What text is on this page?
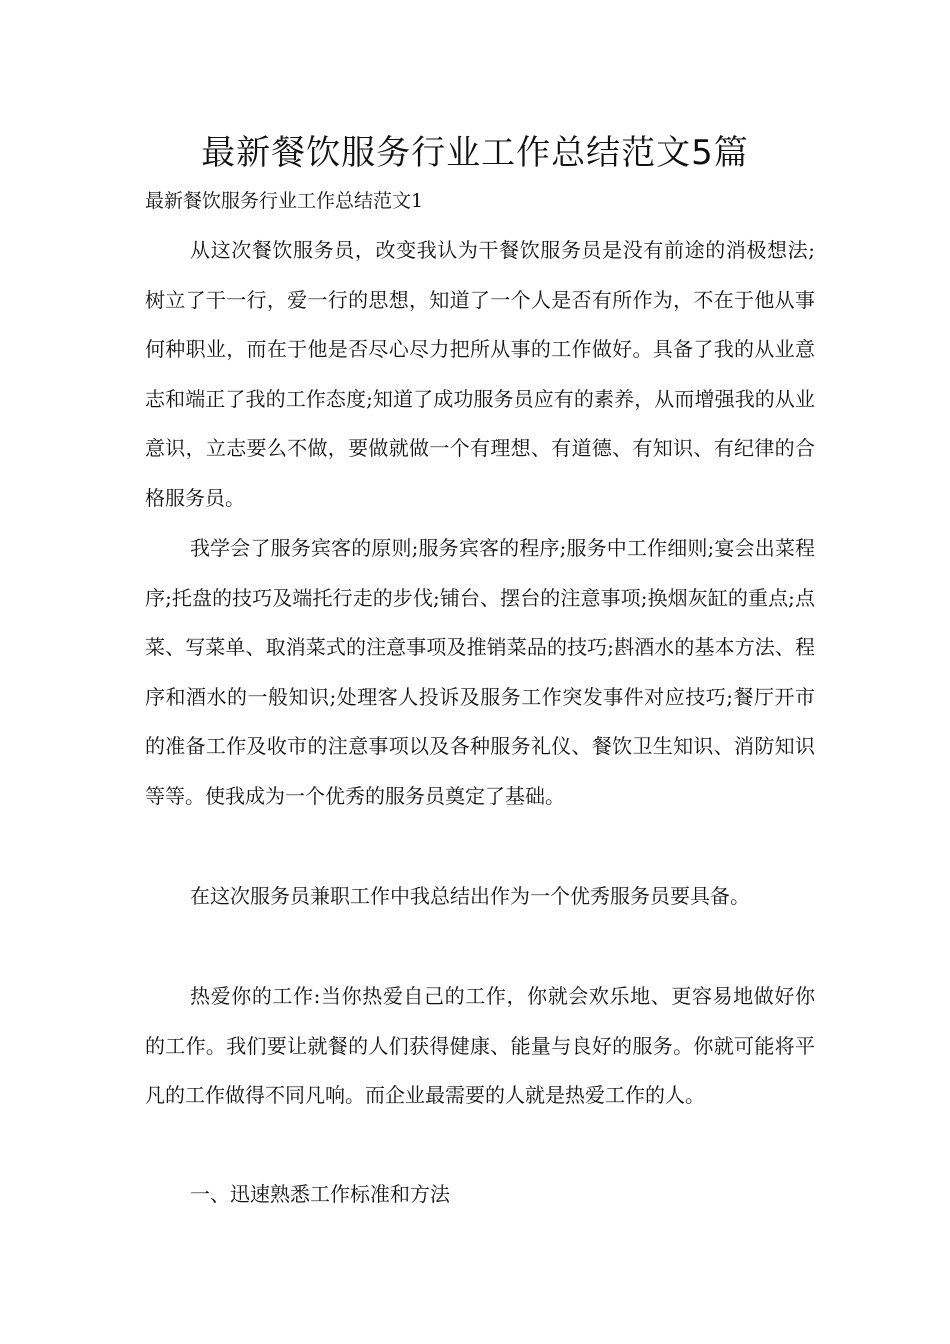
最新餐饮服务行业工作总结范文5篇

最新餐饮服务行业工作总结范文1

从这次餐饮服务员，改变我认为干餐饮服务员是没有前途的消极想法;树立了干一行，爱一行的思想，知道了一个人是否有所作为，不在于他从事何种职业，而在于他是否尽心尽力把所从事的工作做好。具备了我的从业意志和端正了我的工作态度;知道了成功服务员应有的素养，从而增强我的从业意识，立志要么不做，要做就做一个有理想、有道德、有知识、有纪律的合格服务员。

我学会了服务宾客的原则;服务宾客的程序;服务中工作细则;宴会出菜程序;托盘的技巧及端托行走的步伐;铺台、摆台的注意事项;换烟灰缸的重点;点菜、写菜单、取消菜式的注意事项及推销菜品的技巧;斟酒水的基本方法、程序和酒水的一般知识;处理客人投诉及服务工作突发事件对应技巧;餐厅开市的准备工作及收市的注意事项以及各种服务礼仪、餐饮卫生知识、消防知识等等。使我成为一个优秀的服务员奠定了基础。

在这次服务员兼职工作中我总结出作为一个优秀服务员要具备。

热爱你的工作:当你热爱自己的工作，你就会欢乐地、更容易地做好你的工作。我们要让就餐的人们获得健康、能量与良好的服务。你就可能将平凡的工作做得不同凡响。而企业最需要的人就是热爱工作的人。

一、迅速熟悉工作标准和方法
